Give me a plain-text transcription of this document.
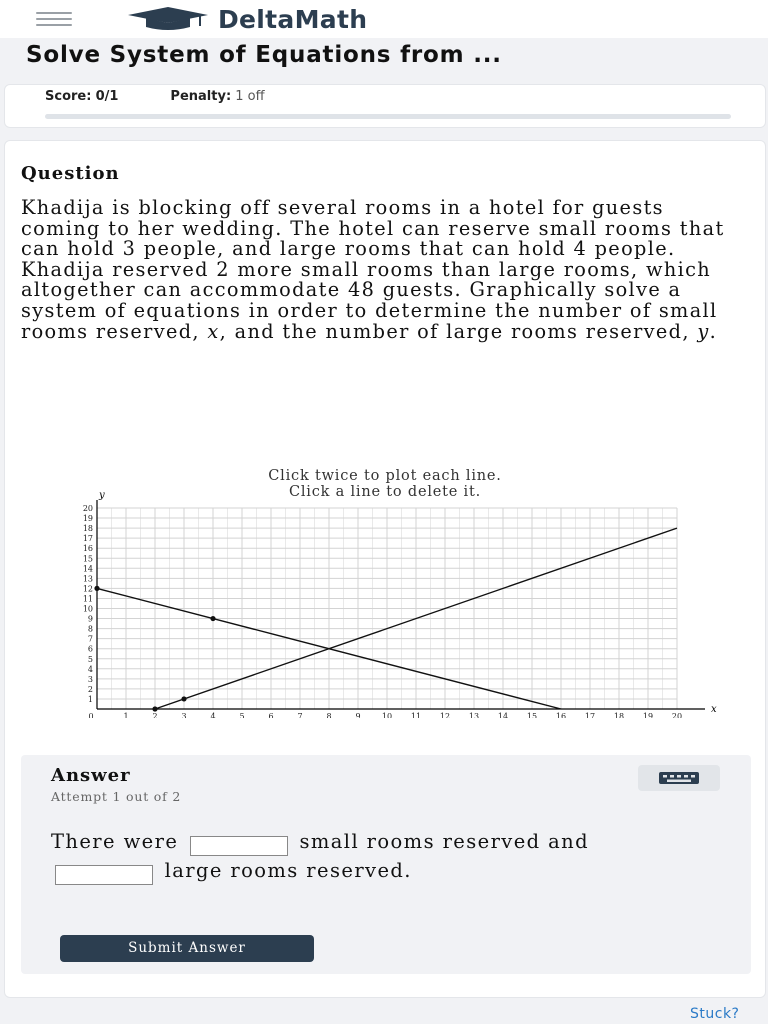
DeltaMath
Solve System of Equations from ...
Score: 0/1	Penalty: 1 off
Question
Khadija is blocking off several rooms in a hotel for guests coming to her wedding. The hotel can reserve small rooms that can hold 3 people, and large rooms that can hold 4 people. Khadija reserved 2 more small rooms than large rooms, which altogether can accommodate 48 guests. Graphically solve a system of equations in order to determine the number of small rooms reserved, x, and the number of large rooms reserved, y.
Click twice to plot each line.
Click a line to delete it.
0	1	2	3	4	5	6	7	8	9	10 11 12 13 14 15 16 17 18 19 20
1
2
3
4
5
6
7
8
9
10
11
12
13
14
15
16
17
18
19
20
x
y
Answer
Attempt 1 out of 2
There were	small rooms reserved and  large rooms reserved.
Submit Answer
Stuck?
